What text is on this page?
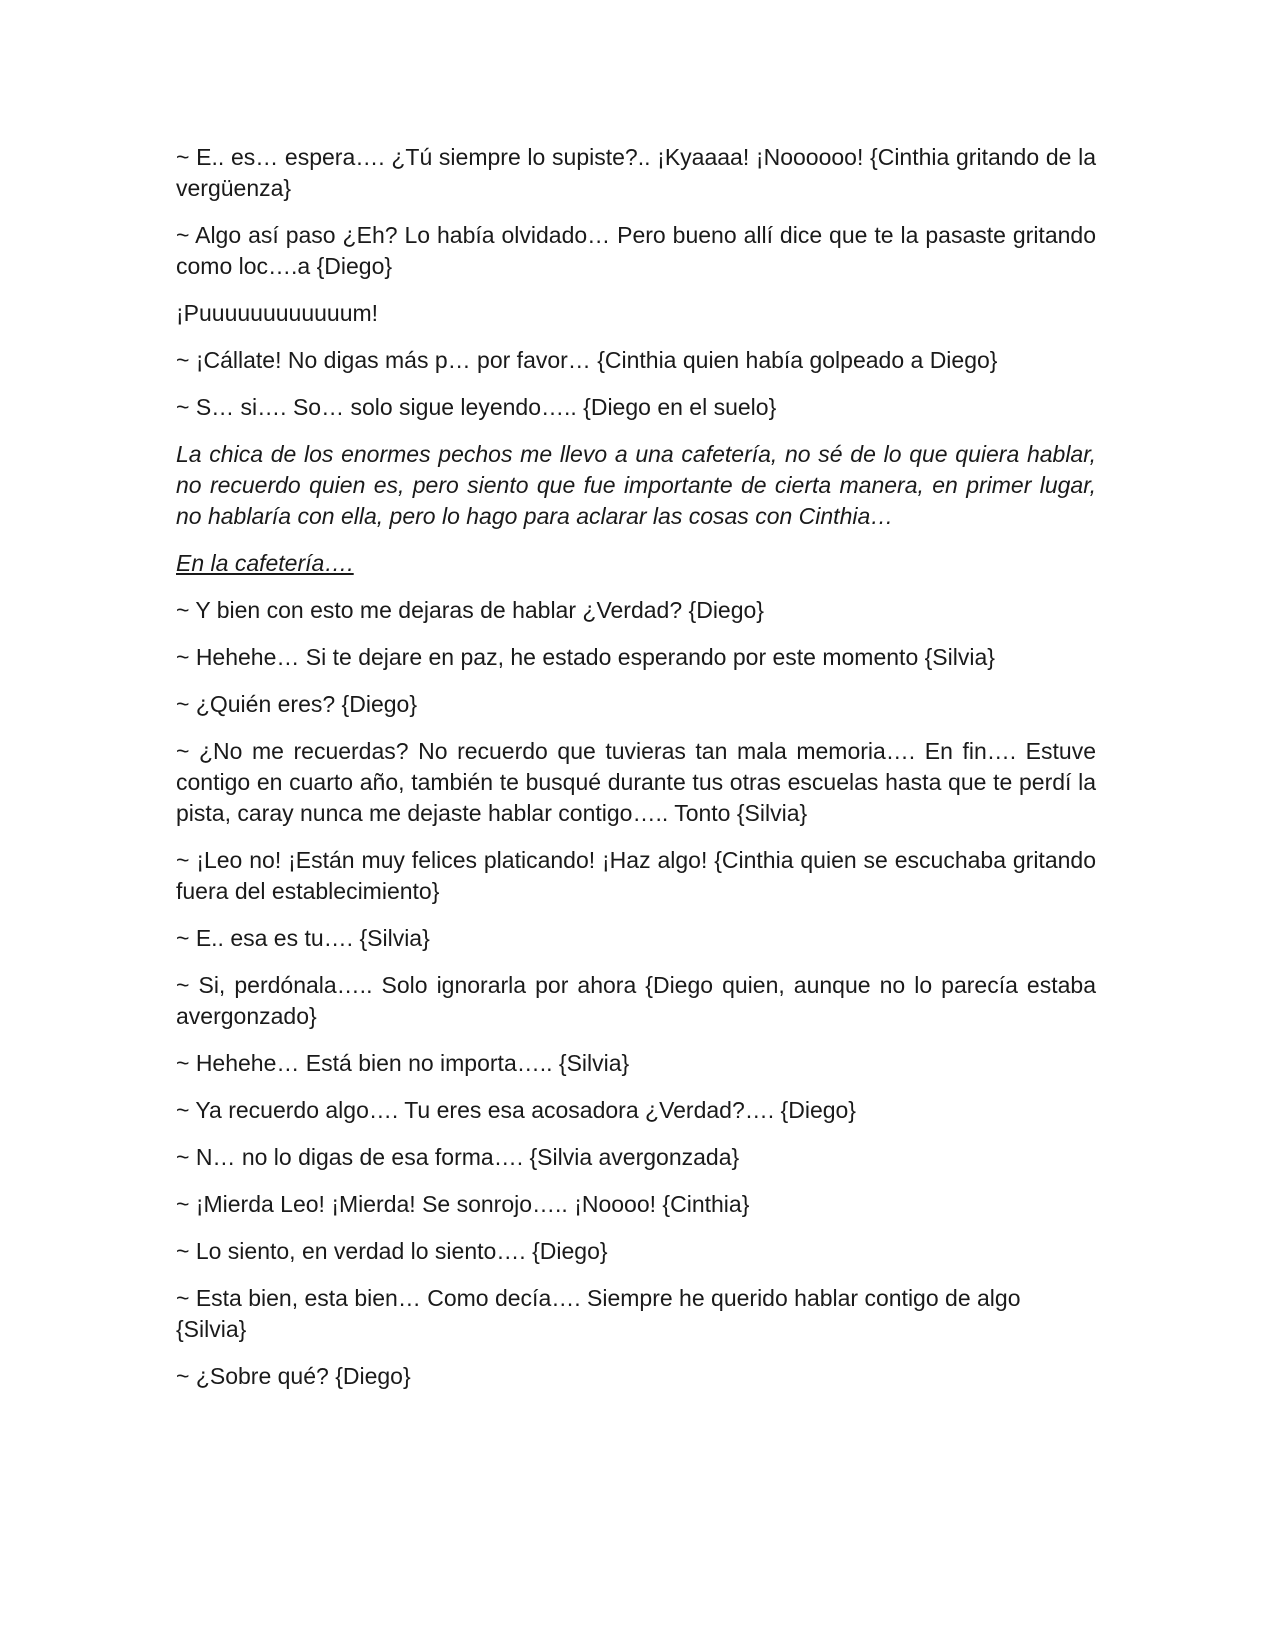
~ E.. es… espera…. ¿Tú siempre lo supiste?.. ¡Kyaaaa! ¡Noooooo! {Cinthia gritando de la vergüenza}

~ Algo así paso ¿Eh? Lo había olvidado… Pero bueno allí dice que te la pasaste gritando como loc….a {Diego}

¡Puuuuuuuuuuuum!

~ ¡Cállate! No digas más p… por favor… {Cinthia quien había golpeado a Diego}

~ S… si…. So… solo sigue leyendo….. {Diego en el suelo}

La chica de los enormes pechos me llevo a una cafetería, no sé de lo que quiera hablar, no recuerdo quien es, pero siento que fue importante de cierta manera, en primer lugar, no hablaría con ella, pero lo hago para aclarar las cosas con Cinthia…

En la cafetería….

~ Y bien con esto me dejaras de hablar ¿Verdad? {Diego}

~ Hehehe… Si te dejare en paz, he estado esperando por este momento {Silvia}

~ ¿Quién eres? {Diego}

~ ¿No me recuerdas? No recuerdo que tuvieras tan mala memoria…. En fin…. Estuve contigo en cuarto año, también te busqué durante tus otras escuelas hasta que te perdí la pista, caray nunca me dejaste hablar contigo….. Tonto {Silvia}

~ ¡Leo no! ¡Están muy felices platicando! ¡Haz algo! {Cinthia quien se escuchaba gritando fuera del establecimiento}

~ E.. esa es tu…. {Silvia}

~ Si, perdónala….. Solo ignorarla por ahora {Diego quien, aunque no lo parecía estaba avergonzado}

~ Hehehe… Está bien no importa….. {Silvia}

~ Ya recuerdo algo…. Tu eres esa acosadora ¿Verdad?…. {Diego}

~ N… no lo digas de esa forma…. {Silvia avergonzada}

~ ¡Mierda Leo! ¡Mierda! Se sonrojo….. ¡Noooo! {Cinthia}

~ Lo siento, en verdad lo siento…. {Diego}

~ Esta bien, esta bien… Como decía…. Siempre he querido hablar contigo de algo {Silvia}

~ ¿Sobre qué? {Diego}
